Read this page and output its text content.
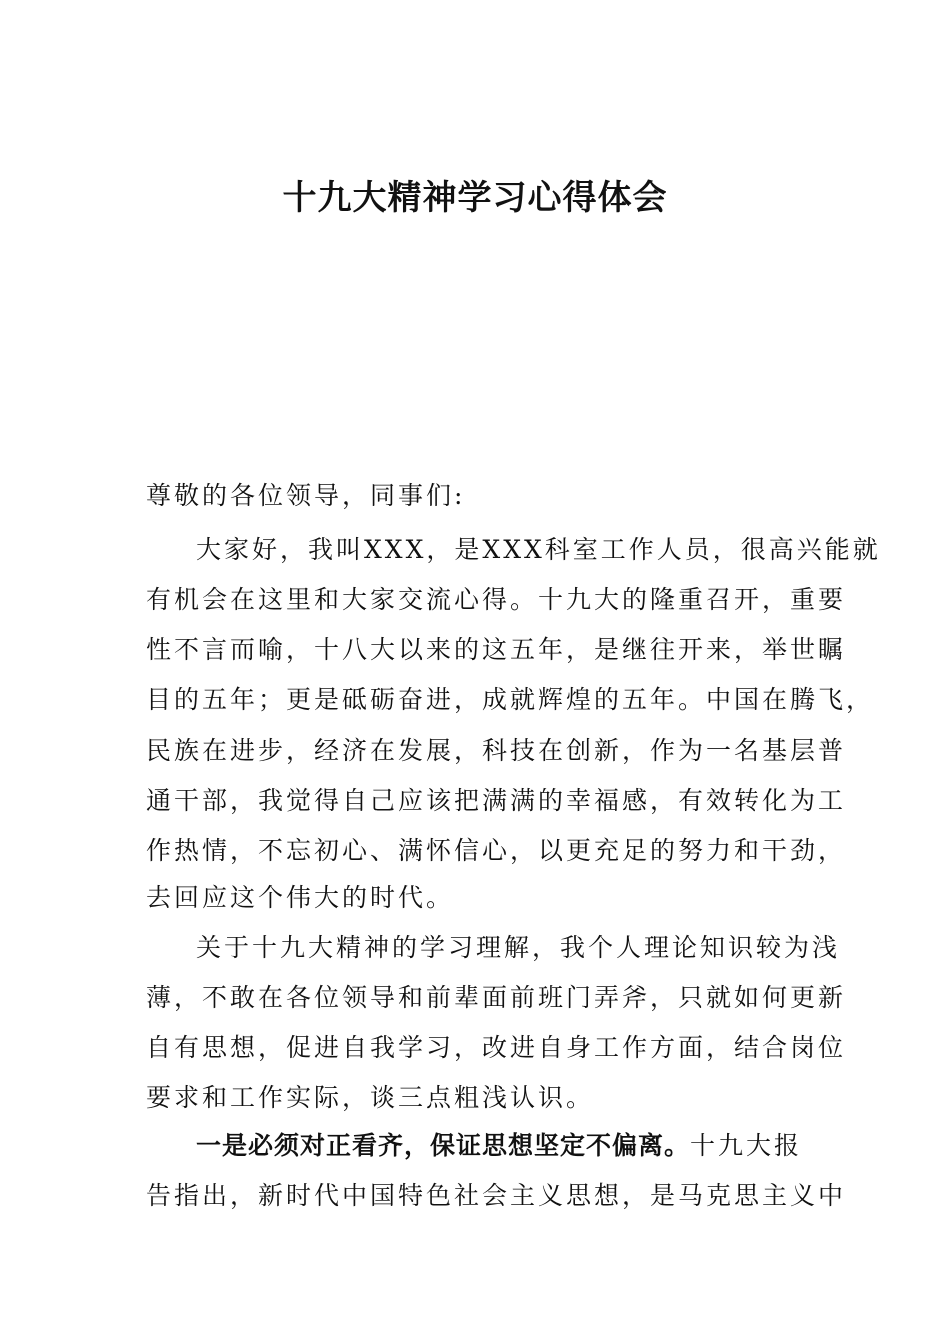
十九大精神学习心得体会

尊敬的各位领导，同事们:

大家好，我叫XXX，是XXX科室工作人员，很高兴能就

有机会在这里和大家交流心得。十九大的隆重召开，重要

性不言而喻，十八大以来的这五年，是继往开来，举世瞩

目的五年；更是砥砺奋进，成就辉煌的五年。中国在腾飞，

民族在进步，经济在发展，科技在创新，作为一名基层普

通干部，我觉得自己应该把满满的幸福感，有效转化为工

作热情，不忘初心、满怀信心，以更充足的努力和干劲，

去回应这个伟大的时代。

关于十九大精神的学习理解，我个人理论知识较为浅

薄，不敢在各位领导和前辈面前班门弄斧，只就如何更新

自有思想，促进自我学习，改进自身工作方面，结合岗位

要求和工作实际，谈三点粗浅认识。

一是必须对正看齐，保证思想坚定不偏离。十九大报

告指出，新时代中国特色社会主义思想，是马克思主义中
